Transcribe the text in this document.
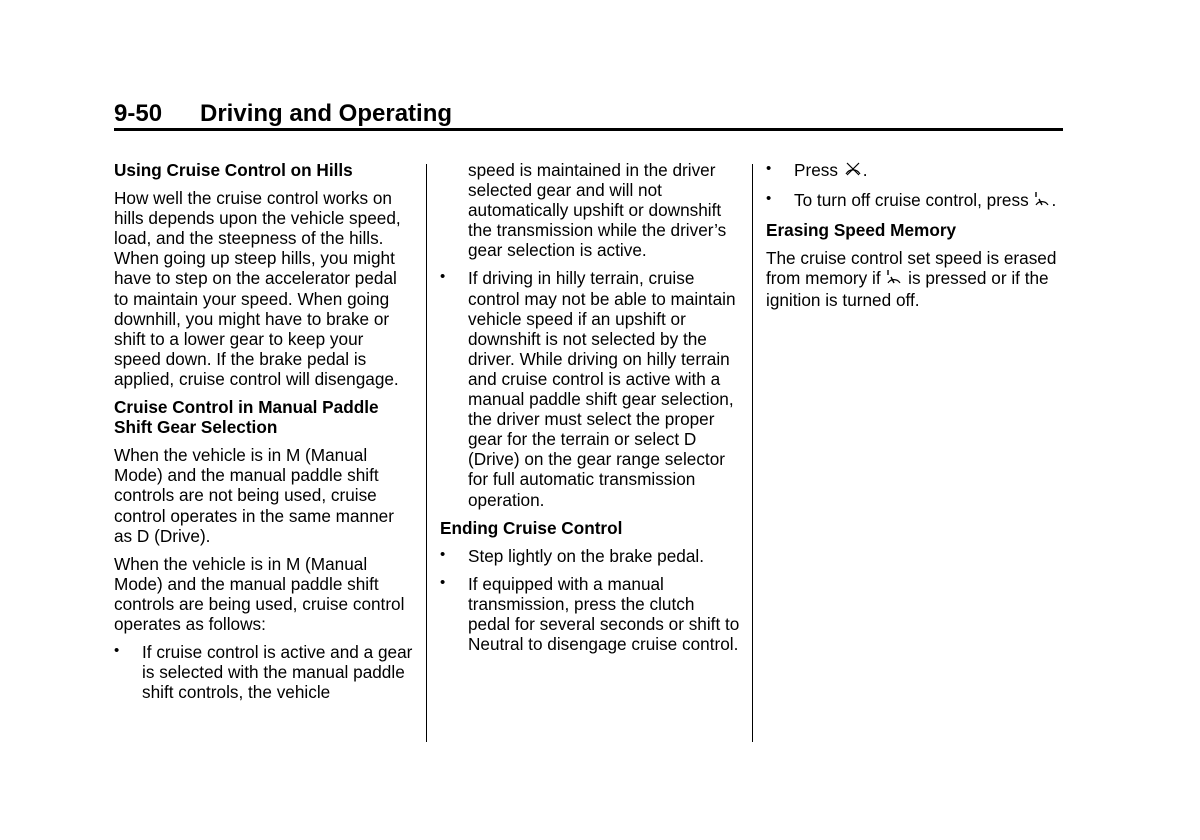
9-50	Driving and Operating
Using Cruise Control on Hills

How well the cruise control works on hills depends upon the vehicle speed, load, and the steepness of the hills. When going up steep hills, you might have to step on the accelerator pedal to maintain your speed. When going downhill, you might have to brake or shift to a lower gear to keep your speed down. If the brake pedal is applied, cruise control will disengage.

Cruise Control in Manual Paddle Shift Gear Selection

When the vehicle is in M (Manual Mode) and the manual paddle shift controls are not being used, cruise control operates in the same manner as D (Drive).

When the vehicle is in M (Manual Mode) and the manual paddle shift controls are being used, cruise control operates as follows:

• If cruise control is active and a gear is selected with the manual paddle shift controls, the vehicle

speed is maintained in the driver selected gear and will not automatically upshift or downshift the transmission while the driver’s gear selection is active.

• If driving in hilly terrain, cruise control may not be able to maintain vehicle speed if an upshift or downshift is not selected by the driver. While driving on hilly terrain and cruise control is active with a manual paddle shift gear selection, the driver must select the proper gear for the terrain or select D (Drive) on the gear range selector for full automatic transmission operation.
Ending Cruise Control
• Step lightly on the brake pedal.
• If equipped with a manual transmission, press the clutch pedal for several seconds or shift to Neutral to disengage cruise control.
• Press .
• To turn off cruise control, press .
Erasing Speed Memory

The cruise control set speed is erased from memory if is pressed or if the ignition is turned off.
